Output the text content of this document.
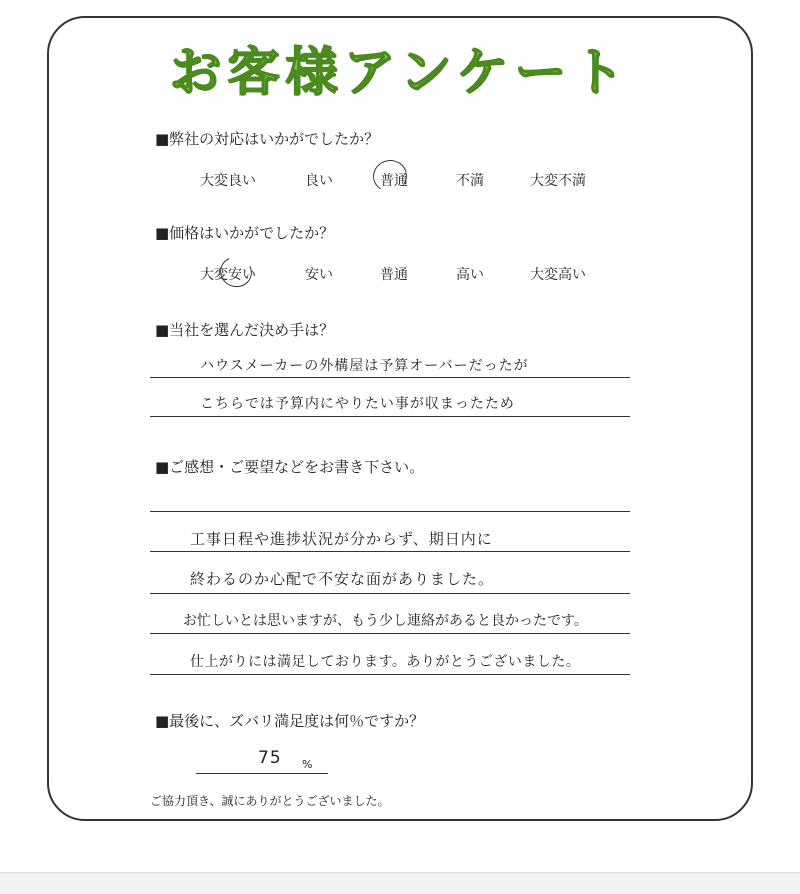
お客様アンケート
■弊社の対応はいかがでしたか？
大変良い	良い	普通	不満	大変不満
■価格はいかがでしたか？
大変安い	安い	普通	高い	大変高い
■当社を選んだ決め手は？
ハウスメーカーの外構屋は予算オーバーだったが
こちらでは予算内にやりたい事が収まったため
■ご感想・ご要望などをお書き下さい。
工事日程や進捗状況が分からず、期日内に
終わるのか心配で不安な面がありました。
お忙しいとは思いますが、もう少し連絡があると良かったです。
仕上がりには満足しております。ありがとうございました。
■最後に、ズバリ満足度は何％ですか？
75 %
ご協力頂き、誠にありがとうございました。
